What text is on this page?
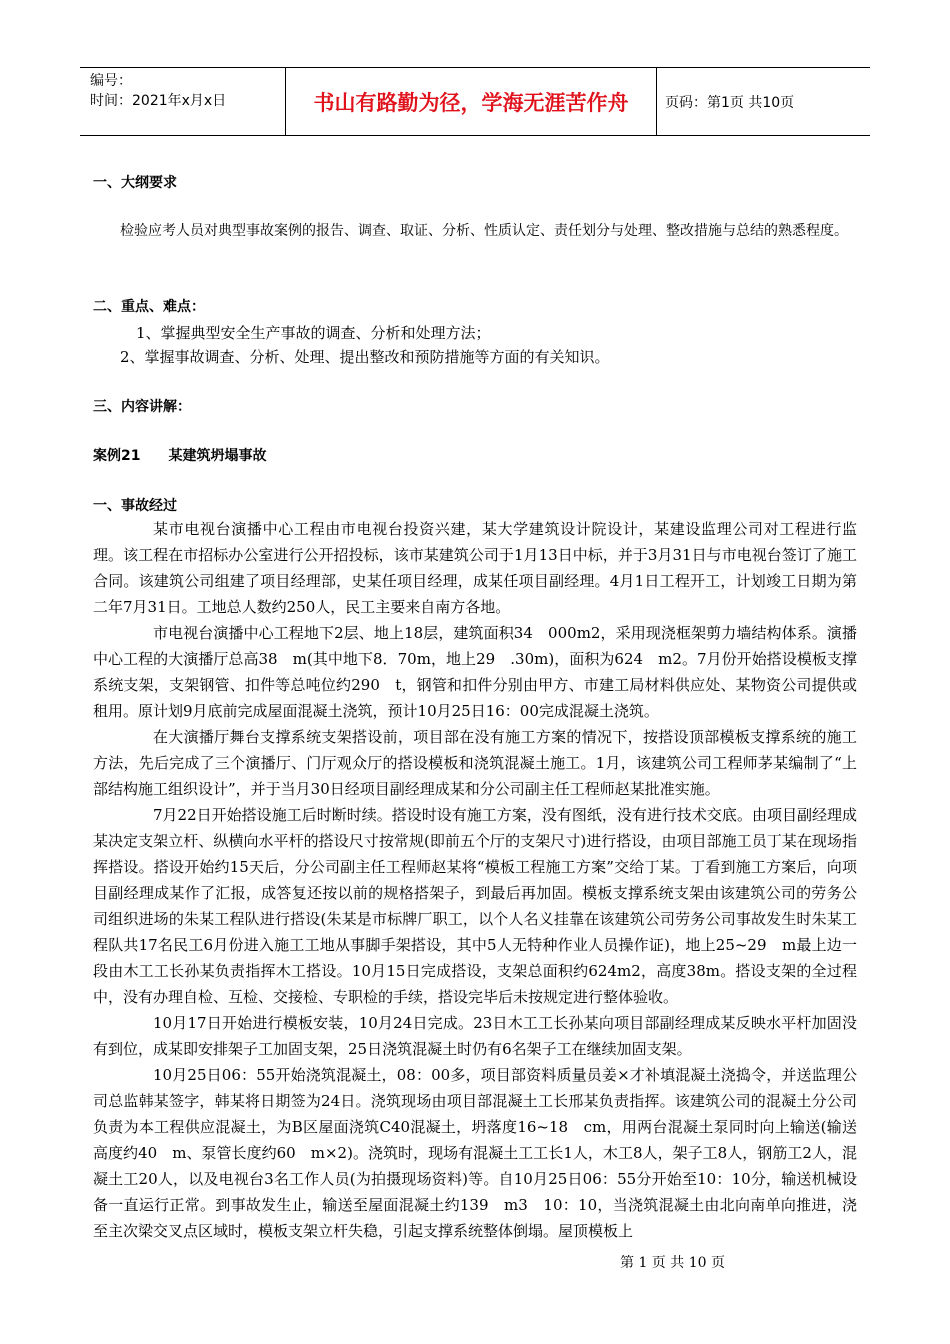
编号：
时间：2021年x月x日	书山有路勤为径，学海无涯苦作舟	页码：第1页 共10页
一、大纲要求
检验应考人员对典型事故案例的报告、调查、取证、分析、性质认定、责任划分与处理、整改措施与总结的熟悉程度。
二、重点、难点：
1、掌握典型安全生产事故的调查、分析和处理方法；
2、掌握事故调查、分析、处理、提出整改和预防措施等方面的有关知识。
三、内容讲解：
案例21　　某建筑坍塌事故
一、事故经过

某市电视台演播中心工程由市电视台投资兴建，某大学建筑设计院设计，某建设监理公司对工程进行监理。该工程在市招标办公室进行公开招投标，该市某建筑公司于1月13日中标，并于3月31日与市电视台签订了施工合同。该建筑公司组建了项目经理部，史某任项目经理，成某任项目副经理。4月1日工程开工，计划竣工日期为第二年7月31日。工地总人数约250人，民工主要来自南方各地。

市电视台演播中心工程地下2层、地上18层，建筑面积34　000m2，采用现浇框架剪力墙结构体系。演播中心工程的大演播厅总高38　m(其中地下8．70m，地上29　.30m)，面积为624　m2。7月份开始搭设模板支撑系统支架，支架钢管、扣件等总吨位约290　t，钢管和扣件分别由甲方、市建工局材料供应处、某物资公司提供或租用。原计划9月底前完成屋面混凝土浇筑，预计10月25日16：00完成混凝土浇筑。

在大演播厅舞台支撑系统支架搭设前，项目部在没有施工方案的情况下，按搭设顶部模板支撑系统的施工方法，先后完成了三个演播厅、门厅观众厅的搭设模板和浇筑混凝土施工。1月，该建筑公司工程师茅某编制了“上部结构施工组织设计”，并于当月30日经项目副经理成某和分公司副主任工程师赵某批准实施。

7月22日开始搭设施工后时断时续。搭设时设有施工方案，没有图纸，没有进行技术交底。由项目副经理成某决定支架立杆、纵横向水平杆的搭设尺寸按常规(即前五个厅的支架尺寸)进行搭设，由项目部施工员丁某在现场指挥搭设。搭设开始约15天后，分公司副主任工程师赵某将“模板工程施工方案”交给丁某。丁看到施工方案后，向项目副经理成某作了汇报，成答复还按以前的规格搭架子，到最后再加固。模板支撑系统支架由该建筑公司的劳务公司组织进场的朱某工程队进行搭设(朱某是市标牌厂职工，以个人名义挂靠在该建筑公司劳务公司事故发生时朱某工程队共17名民工6月份进入施工工地从事脚手架搭设，其中5人无特种作业人员操作证)，地上25~29　m最上边一段由木工工长孙某负责指挥木工搭设。10月15日完成搭设，支架总面积约624m2，高度38m。搭设支架的全过程中，没有办理自检、互检、交接检、专职检的手续，搭设完毕后未按规定进行整体验收。

10月17日开始进行模板安装，10月24日完成。23日木工工长孙某向项目部副经理成某反映水平杆加固没有到位，成某即安排架子工加固支架，25日浇筑混凝土时仍有6名架子工在继续加固支架。

10月25日06：55开始浇筑混凝土，08：00多，项目部资料质量员姜×才补填混凝土浇捣令，并送监理公司总监韩某签字，韩某将日期签为24日。浇筑现场由项目部混凝土工长邢某负责指挥。该建筑公司的混凝土分公司负责为本工程供应混凝土，为B区屋面浇筑C40混凝土，坍落度16~18　cm，用两台混凝土泵同时向上输送(输送高度约40　m、泵管长度约60　m×2)。浇筑时，现场有混凝土工工长1人，木工8人，架子工8人，钢筋工2人，混凝土工20人，以及电视台3名工作人员(为拍摄现场资料)等。自10月25日06：55分开始至10：10分，输送机械设备一直运行正常。到事故发生止，输送至屋面混凝土约139　m3　10：10，当浇筑混凝土由北向南单向推进，浇至主次梁交叉点区域时，模板支架立杆失稳，引起支撑系统整体倒塌。屋顶模板上

第 1 页 共 10 页
